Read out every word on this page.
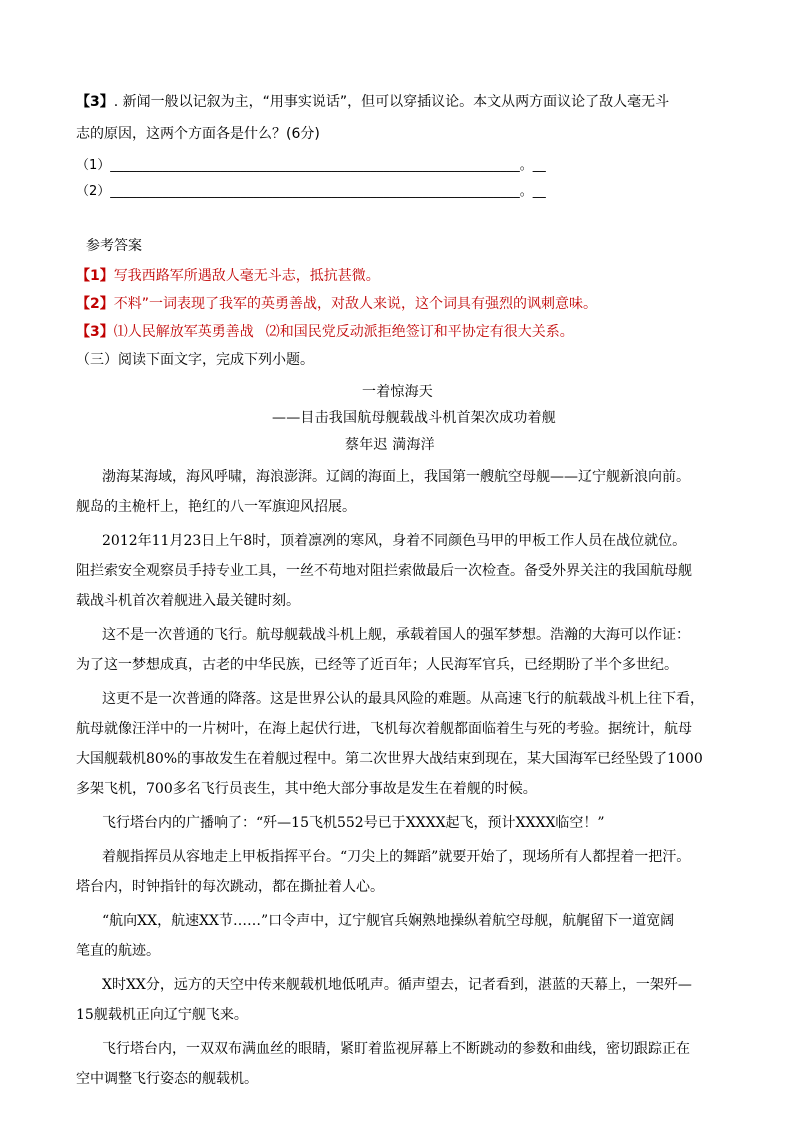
【3】. 新闻一般以记叙为主，“用事实说话”，但可以穿插议论。本文从两方面议论了敌人毫无斗
志的原因，这两个方面各是什么？(6分)
（1）_______________________________________________________________。__
（2）_______________________________________________________________。__
参考答案
【1】写我西路军所遇敌人毫无斗志，抵抗甚微。
【2】不料”一词表现了我军的英勇善战，对敌人来说，这个词具有强烈的讽刺意味。
【3】⑴人民解放军英勇善战 ⑵和国民党反动派拒绝签订和平协定有很大关系。
（三）阅读下面文字，完成下列小题。
一着惊海天
——目击我国航母舰载战斗机首架次成功着舰
蔡年迟 満海洋
渤海某海域，海风呼啸，海浪澎湃。辽阔的海面上，我国第一艘航空母舰——辽宁舰新浪向前。
舰岛的主桅杆上，艳红的八一军旗迎风招展。
2012年11月23日上午8时，顶着凛冽的寒风，身着不同颜色马甲的甲板工作人员在战位就位。
阻拦索安全观察员手持专业工具，一丝不苟地对阻拦索做最后一次检查。备受外界关注的我国航母舰
载战斗机首次着舰进入最关键时刻。
这不是一次普通的飞行。航母舰载战斗机上舰，承载着国人的强军梦想。浩瀚的大海可以作证：
为了这一梦想成真，古老的中华民族，已经等了近百年；人民海军官兵，已经期盼了半个多世纪。
这更不是一次普通的降落。这是世界公认的最具风险的难题。从高速飞行的航载战斗机上往下看，
航母就像汪洋中的一片树叶，在海上起伏行进，飞机每次着舰都面临着生与死的考验。据统计，航母
大国舰载机80%的事故发生在着舰过程中。第二次世界大战结束到现在，某大国海军已经坠毁了1000
多架飞机，700多名飞行员丧生，其中绝大部分事故是发生在着舰的时候。
飞行塔台内的广播响了：“歼—15飞机552号已于XXXX起飞，预计XXXX临空！”
着舰指挥员从容地走上甲板指挥平台。“刀尖上的舞蹈”就要开始了，现场所有人都捏着一把汗。
塔台内，时钟指针的每次跳动，都在撕扯着人心。
“航向XX，航速XX节……”口令声中，辽宁舰官兵娴熟地操纵着航空母舰，航艉留下一道宽阔
笔直的航迹。
X时XX分，远方的天空中传来舰载机地低吼声。循声望去，记者看到，湛蓝的天幕上，一架歼—
15舰载机正向辽宁舰飞来。
飞行塔台内，一双双布满血丝的眼睛，紧盯着监视屏幕上不断跳动的参数和曲线，密切跟踪正在
空中调整飞行姿态的舰载机。
